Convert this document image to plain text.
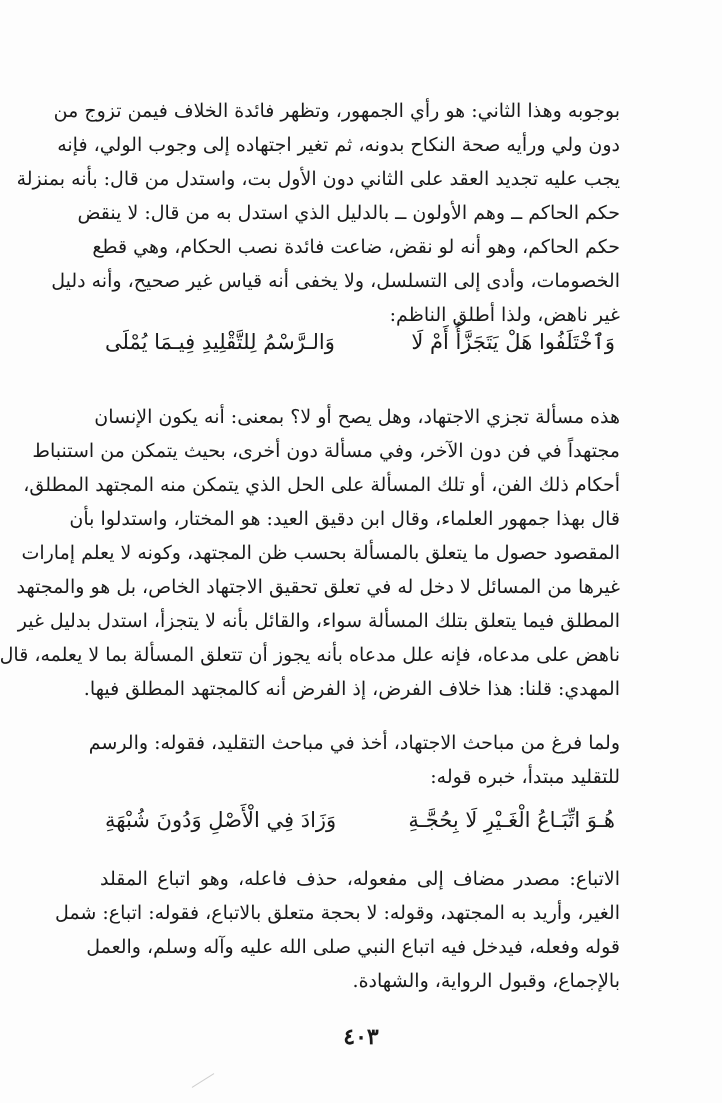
بوجوبه وهذا الثاني: هو رأي الجمهور، وتظهر فائدة الخلاف فيمن تزوج من
دون ولي ورأيه صحة النكاح بدونه، ثم تغير اجتهاده إلى وجوب الولي، فإنه
يجب عليه تجديد العقد على الثاني دون الأول بت، واستدل من قال: بأنه بمنزلة
حكم الحاكم ــ وهم الأولون ــ بالدليل الذي استدل به من قال: لا ينقض
حكم الحاكم، وهو أنه لو نقض، ضاعت فائدة نصب الحكام، وهي قطع
الخصومات، وأدى إلى التسلسل، ولا يخفى أنه قياس غير صحيح، وأنه دليل
غير ناهض، ولذا أطلق الناظم:
وَٱخْتَلَفُوا هَلْ يَتَجَزَّأُ أَمْ لَا
وَالـرَّسْمُ لِلتَّقْلِيدِ فِيـمَا يُمْلَى
هذه مسألة تجزي الاجتهاد، وهل يصح أو لا؟ بمعنى: أنه يكون الإنسان
مجتهداً في فن دون الآخر، وفي مسألة دون أخرى، بحيث يتمكن من استنباط
أحكام ذلك الفن، أو تلك المسألة على الحل الذي يتمكن منه المجتهد المطلق،
قال بهذا جمهور العلماء، وقال ابن دقيق العيد: هو المختار، واستدلوا بأن
المقصود حصول ما يتعلق بالمسألة بحسب ظن المجتهد، وكونه لا يعلم إمارات
غيرها من المسائل لا دخل له في تعلق تحقيق الاجتهاد الخاص، بل هو والمجتهد
المطلق فيما يتعلق بتلك المسألة سواء، والقائل بأنه لا يتجزأ، استدل بدليل غير
ناهض على مدعاه، فإنه علل مدعاه بأنه يجوز أن تتعلق المسألة بما لا يعلمه، قال
المهدي: قلنا: هذا خلاف الفرض، إذ الفرض أنه كالمجتهد المطلق فيها.
ولما فرغ من مباحث الاجتهاد، أخذ في مباحث التقليد، فقوله: والرسم
للتقليد مبتدأ، خبره قوله:
هُـوَ اتِّبَـاعُ الْغَـيْرِ لَا بِحُجَّـةِ
وَزَادَ فِي الْأَصْلِ وَدُونَ شُبْهَةِ
الاتباع: مصدر مضاف إلى مفعوله، حذف فاعله، وهو اتباع المقلد
الغير، وأريد به المجتهد، وقوله: لا بحجة متعلق بالاتباع، فقوله: اتباع: شمل
قوله وفعله، فيدخل فيه اتباع النبي صلى الله عليه وآله وسلم، والعمل
بالإجماع، وقبول الرواية، والشهادة.
٤٠٣
